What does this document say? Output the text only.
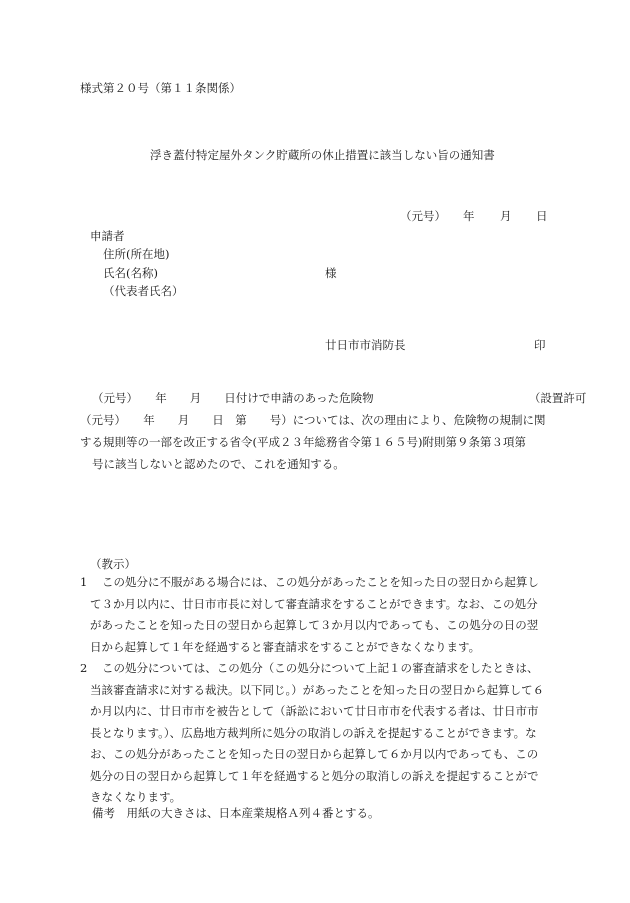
様式第２０号（第１１条関係）
浮き蓋付特定屋外タンク貯蔵所の休止措置に該当しない旨の通知書
（元号） 年 月 日
申請者
住所(所在地)
氏名(名称)	様
（代表者氏名）
廿日市市消防長	印
（元号）　　年　　月　　日付けで申請のあった危険物　　　　　　　　　　　　　　（設置許可
（元号）　　年　　月　　日　第　　号）については、次の理由により、危険物の規制に関
する規則等の一部を改正する省令(平成２３年総務省令第１６５号)附則第９条第３項第
号に該当しないと認めたので、これを通知する。
（教示）
1	この処分に不服がある場合には、この処分があったことを知った日の翌日から起算し
て３か月以内に、廿日市市長に対して審査請求をすることができます。なお、この処分
があったことを知った日の翌日から起算して３か月以内であっても、この処分の日の翌
日から起算して１年を経過すると審査請求をすることができなくなります。
2	この処分については、この処分（この処分について上記１の審査請求をしたときは、
当該審査請求に対する裁決。以下同じ。）があったことを知った日の翌日から起算して６
か月以内に、廿日市市を被告として（訴訟において廿日市市を代表する者は、廿日市市
長となります。）、広島地方裁判所に処分の取消しの訴えを提起することができます。な
お、この処分があったことを知った日の翌日から起算して６か月以内であっても、この
処分の日の翌日から起算して１年を経過すると処分の取消しの訴えを提起することがで
きなくなります。
備考　用紙の大きさは、日本産業規格Ａ列４番とする。
